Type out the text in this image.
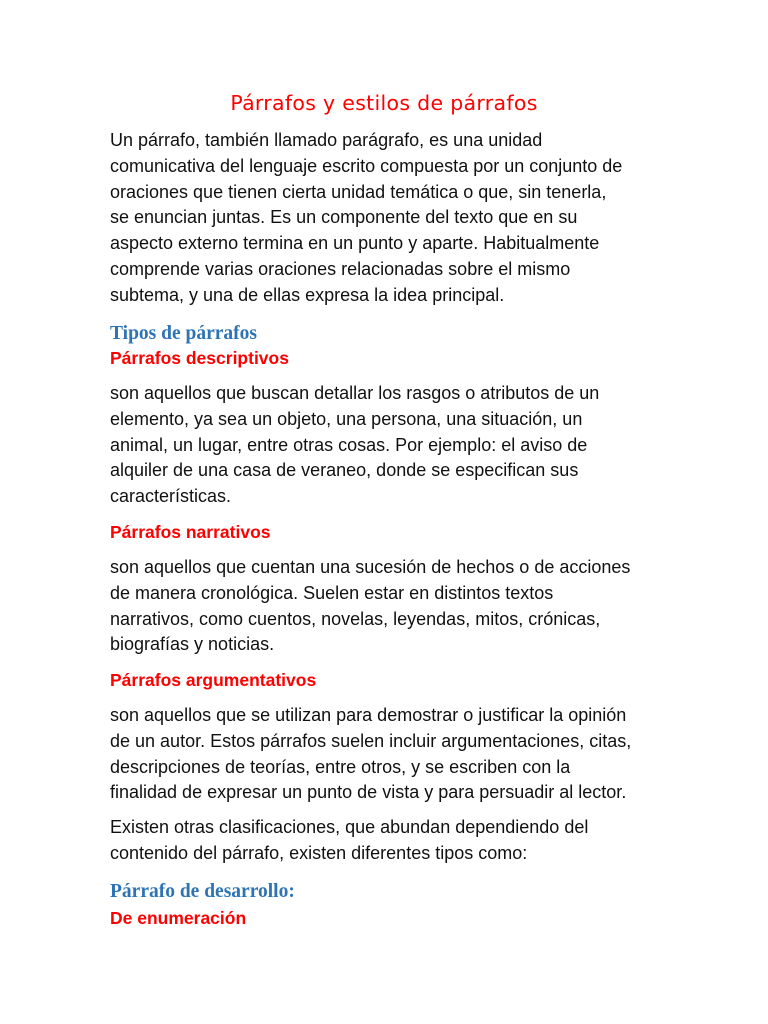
Párrafos y estilos de párrafos

Un párrafo, también llamado parágrafo, es una unidad
comunicativa del lenguaje escrito compuesta por un conjunto de
oraciones que tienen cierta unidad temática o que, sin tenerla,
se enuncian juntas. Es un componente del texto que en su
aspecto externo termina en un punto y aparte. Habitualmente
comprende varias oraciones relacionadas sobre el mismo
subtema, y una de ellas expresa la idea principal.

Tipos de párrafos
Párrafos descriptivos

son aquellos que buscan detallar los rasgos o atributos de un
elemento, ya sea un objeto, una persona, una situación, un
animal, un lugar, entre otras cosas. Por ejemplo: el aviso de
alquiler de una casa de veraneo, donde se especifican sus
características.

Párrafos narrativos

son aquellos que cuentan una sucesión de hechos o de acciones
de manera cronológica. Suelen estar en distintos textos
narrativos, como cuentos, novelas, leyendas, mitos, crónicas,
biografías y noticias.

Párrafos argumentativos

son aquellos que se utilizan para demostrar o justificar la opinión
de un autor. Estos párrafos suelen incluir argumentaciones, citas,
descripciones de teorías, entre otros, y se escriben con la
finalidad de expresar un punto de vista y para persuadir al lector.

Existen otras clasificaciones, que abundan dependiendo del
contenido del párrafo, existen diferentes tipos como:

Párrafo de desarrollo:
De enumeración
